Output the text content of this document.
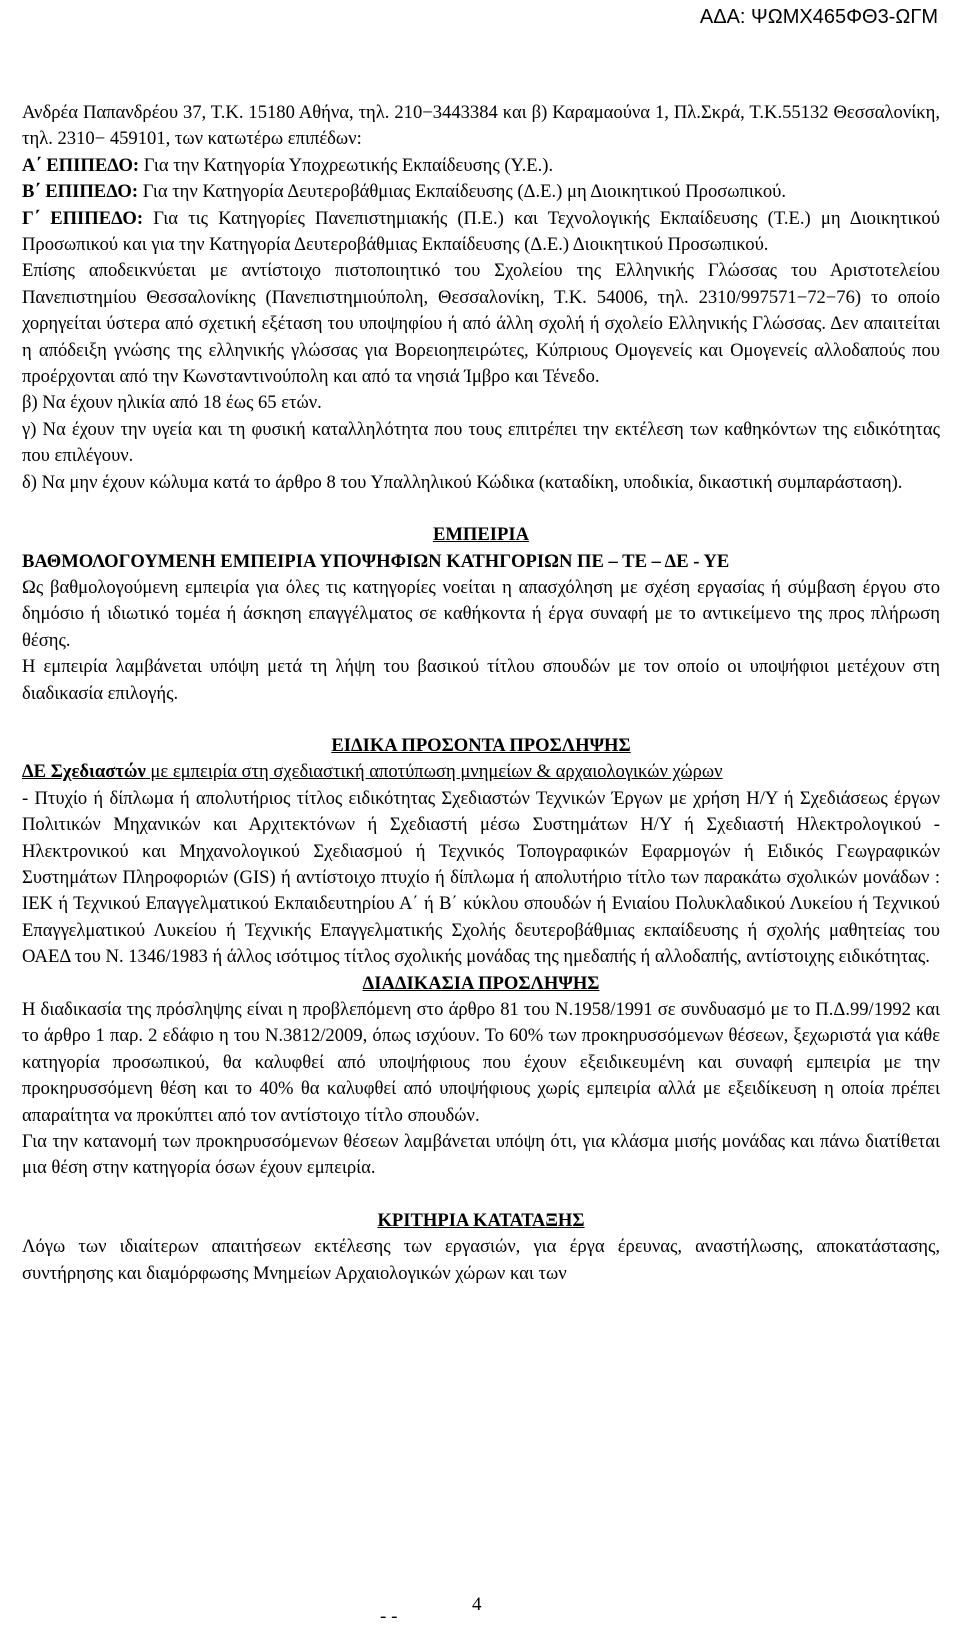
ΑΔΑ: ΨΩΜΧ465ΦΘ3-ΩΓΜ

Ανδρέα Παπανδρέου 37, Τ.Κ. 15180 Αθήνα, τηλ. 210−3443384 και β) Καραμαούνα 1, Πλ.Σκρά, Τ.Κ.55132 Θεσσαλονίκη, τηλ. 2310− 459101, των κατωτέρω επιπέδων:

Α΄ ΕΠΙΠΕΔΟ: Για την Κατηγορία Υποχρεωτικής Εκπαίδευσης (Υ.Ε.).

Β΄ ΕΠΙΠΕΔΟ: Για την Κατηγορία Δευτεροβάθμιας Εκπαίδευσης (Δ.Ε.) μη Διοικητικού Προσωπικού.

Γ΄ ΕΠΙΠΕΔΟ: Για τις Κατηγορίες Πανεπιστημιακής (Π.Ε.) και Τεχνολογικής Εκπαίδευσης (Τ.Ε.) μη Διοικητικού Προσωπικού και για την Κατηγορία Δευτεροβάθμιας Εκπαίδευσης (Δ.Ε.) Διοικητικού Προσωπικού.

Επίσης αποδεικνύεται με αντίστοιχο πιστοποιητικό του Σχολείου της Ελληνικής Γλώσσας του Αριστοτελείου Πανεπιστημίου Θεσσαλονίκης (Πανεπιστημιούπολη, Θεσσαλονίκη, Τ.Κ. 54006, τηλ. 2310/997571−72−76) το οποίο χορηγείται ύστερα από σχετική εξέταση του υποψηφίου ή από άλλη σχολή ή σχολείο Ελληνικής Γλώσσας. Δεν απαιτείται η απόδειξη γνώσης της ελληνικής γλώσσας για Βορειοηπειρώτες, Κύπριους Ομογενείς και Ομογενείς αλλοδαπούς που προέρχονται από την Κωνσταντινούπολη και από τα νησιά Ίμβρο και Τένεδο.

β) Να έχουν ηλικία από 18 έως 65 ετών.

γ) Να έχουν την υγεία και τη φυσική καταλληλότητα που τους επιτρέπει την εκτέλεση των καθηκόντων της ειδικότητας που επιλέγουν.

δ) Να μην έχουν κώλυμα κατά το άρθρο 8 του Υπαλληλικού Κώδικα (καταδίκη, υποδικία, δικαστική συμπαράσταση).

ΕΜΠΕΙΡΙΑ

ΒΑΘΜΟΛΟΓΟΥΜΕΝΗ ΕΜΠΕΙΡΙΑ ΥΠΟΨΗΦΙΩΝ ΚΑΤΗΓΟΡΙΩΝ ΠΕ – ΤΕ – ΔΕ - ΥΕ

Ως βαθμολογούμενη εμπειρία για όλες τις κατηγορίες νοείται η απασχόληση με σχέση εργασίας ή σύμβαση έργου στο δημόσιο ή ιδιωτικό τομέα ή άσκηση επαγγέλματος σε καθήκοντα ή έργα συναφή με το αντικείμενο της προς πλήρωση θέσης.

Η εμπειρία λαμβάνεται υπόψη μετά τη λήψη του βασικού τίτλου σπουδών με τον οποίο οι υποψήφιοι μετέχουν στη διαδικασία επιλογής.

ΕΙΔΙΚΑ ΠΡΟΣΟΝΤΑ ΠΡΟΣΛΗΨΗΣ

ΔΕ Σχεδιαστών με εμπειρία στη σχεδιαστική αποτύπωση μνημείων & αρχαιολογικών χώρων

- Πτυχίο ή δίπλωμα ή απολυτήριος τίτλος ειδικότητας Σχεδιαστών Τεχνικών Έργων με χρήση Η/Υ ή Σχεδιάσεως έργων Πολιτικών Μηχανικών και Αρχιτεκτόνων ή Σχεδιαστή μέσω Συστημάτων Η/Υ ή Σχεδιαστή Ηλεκτρολογικού - Ηλεκτρονικού και Μηχανολογικού Σχεδιασμού ή Τεχνικός Τοπογραφικών Εφαρμογών ή Ειδικός Γεωγραφικών Συστημάτων Πληροφοριών (GIS) ή αντίστοιχο πτυχίο ή δίπλωμα ή απολυτήριο τίτλο των παρακάτω σχολικών μονάδων : ΙΕΚ ή Τεχνικού Επαγγελματικού Εκπαιδευτηρίου Α΄ ή Β΄ κύκλου σπουδών ή Ενιαίου Πολυκλαδικού Λυκείου ή Τεχνικού Επαγγελματικού Λυκείου ή Τεχνικής Επαγγελματικής Σχολής δευτεροβάθμιας εκπαίδευσης ή σχολής μαθητείας του ΟΑΕΔ του Ν. 1346/1983 ή άλλος ισότιμος τίτλος σχολικής μονάδας της ημεδαπής ή αλλοδαπής, αντίστοιχης ειδικότητας.

ΔΙΑΔΙΚΑΣΙΑ ΠΡΟΣΛΗΨΗΣ

Η διαδικασία της πρόσληψης είναι η προβλεπόμενη στο άρθρο 81 του Ν.1958/1991 σε συνδυασμό με το Π.Δ.99/1992 και το άρθρο 1 παρ. 2 εδάφιο η του Ν.3812/2009, όπως ισχύουν. Το 60% των προκηρυσσόμενων θέσεων, ξεχωριστά για κάθε κατηγορία προσωπικού, θα καλυφθεί από υποψήφιους που έχουν εξειδικευμένη και συναφή εμπειρία με την προκηρυσσόμενη θέση και το 40% θα καλυφθεί από υποψήφιους χωρίς εμπειρία αλλά με εξειδίκευση η οποία πρέπει απαραίτητα να προκύπτει από τον αντίστοιχο τίτλο σπουδών.

Για την κατανομή των προκηρυσσόμενων θέσεων λαμβάνεται υπόψη ότι, για κλάσμα μισής μονάδας και πάνω διατίθεται μια θέση στην κατηγορία όσων έχουν εμπειρία.

ΚΡΙΤΗΡΙΑ ΚΑΤΑΤΑΞΗΣ

Λόγω των ιδιαίτερων απαιτήσεων εκτέλεσης των εργασιών, για έργα έρευνας, αναστήλωσης, αποκατάστασης, συντήρησης και διαμόρφωσης Μνημείων Αρχαιολογικών χώρων και των

- -
4
